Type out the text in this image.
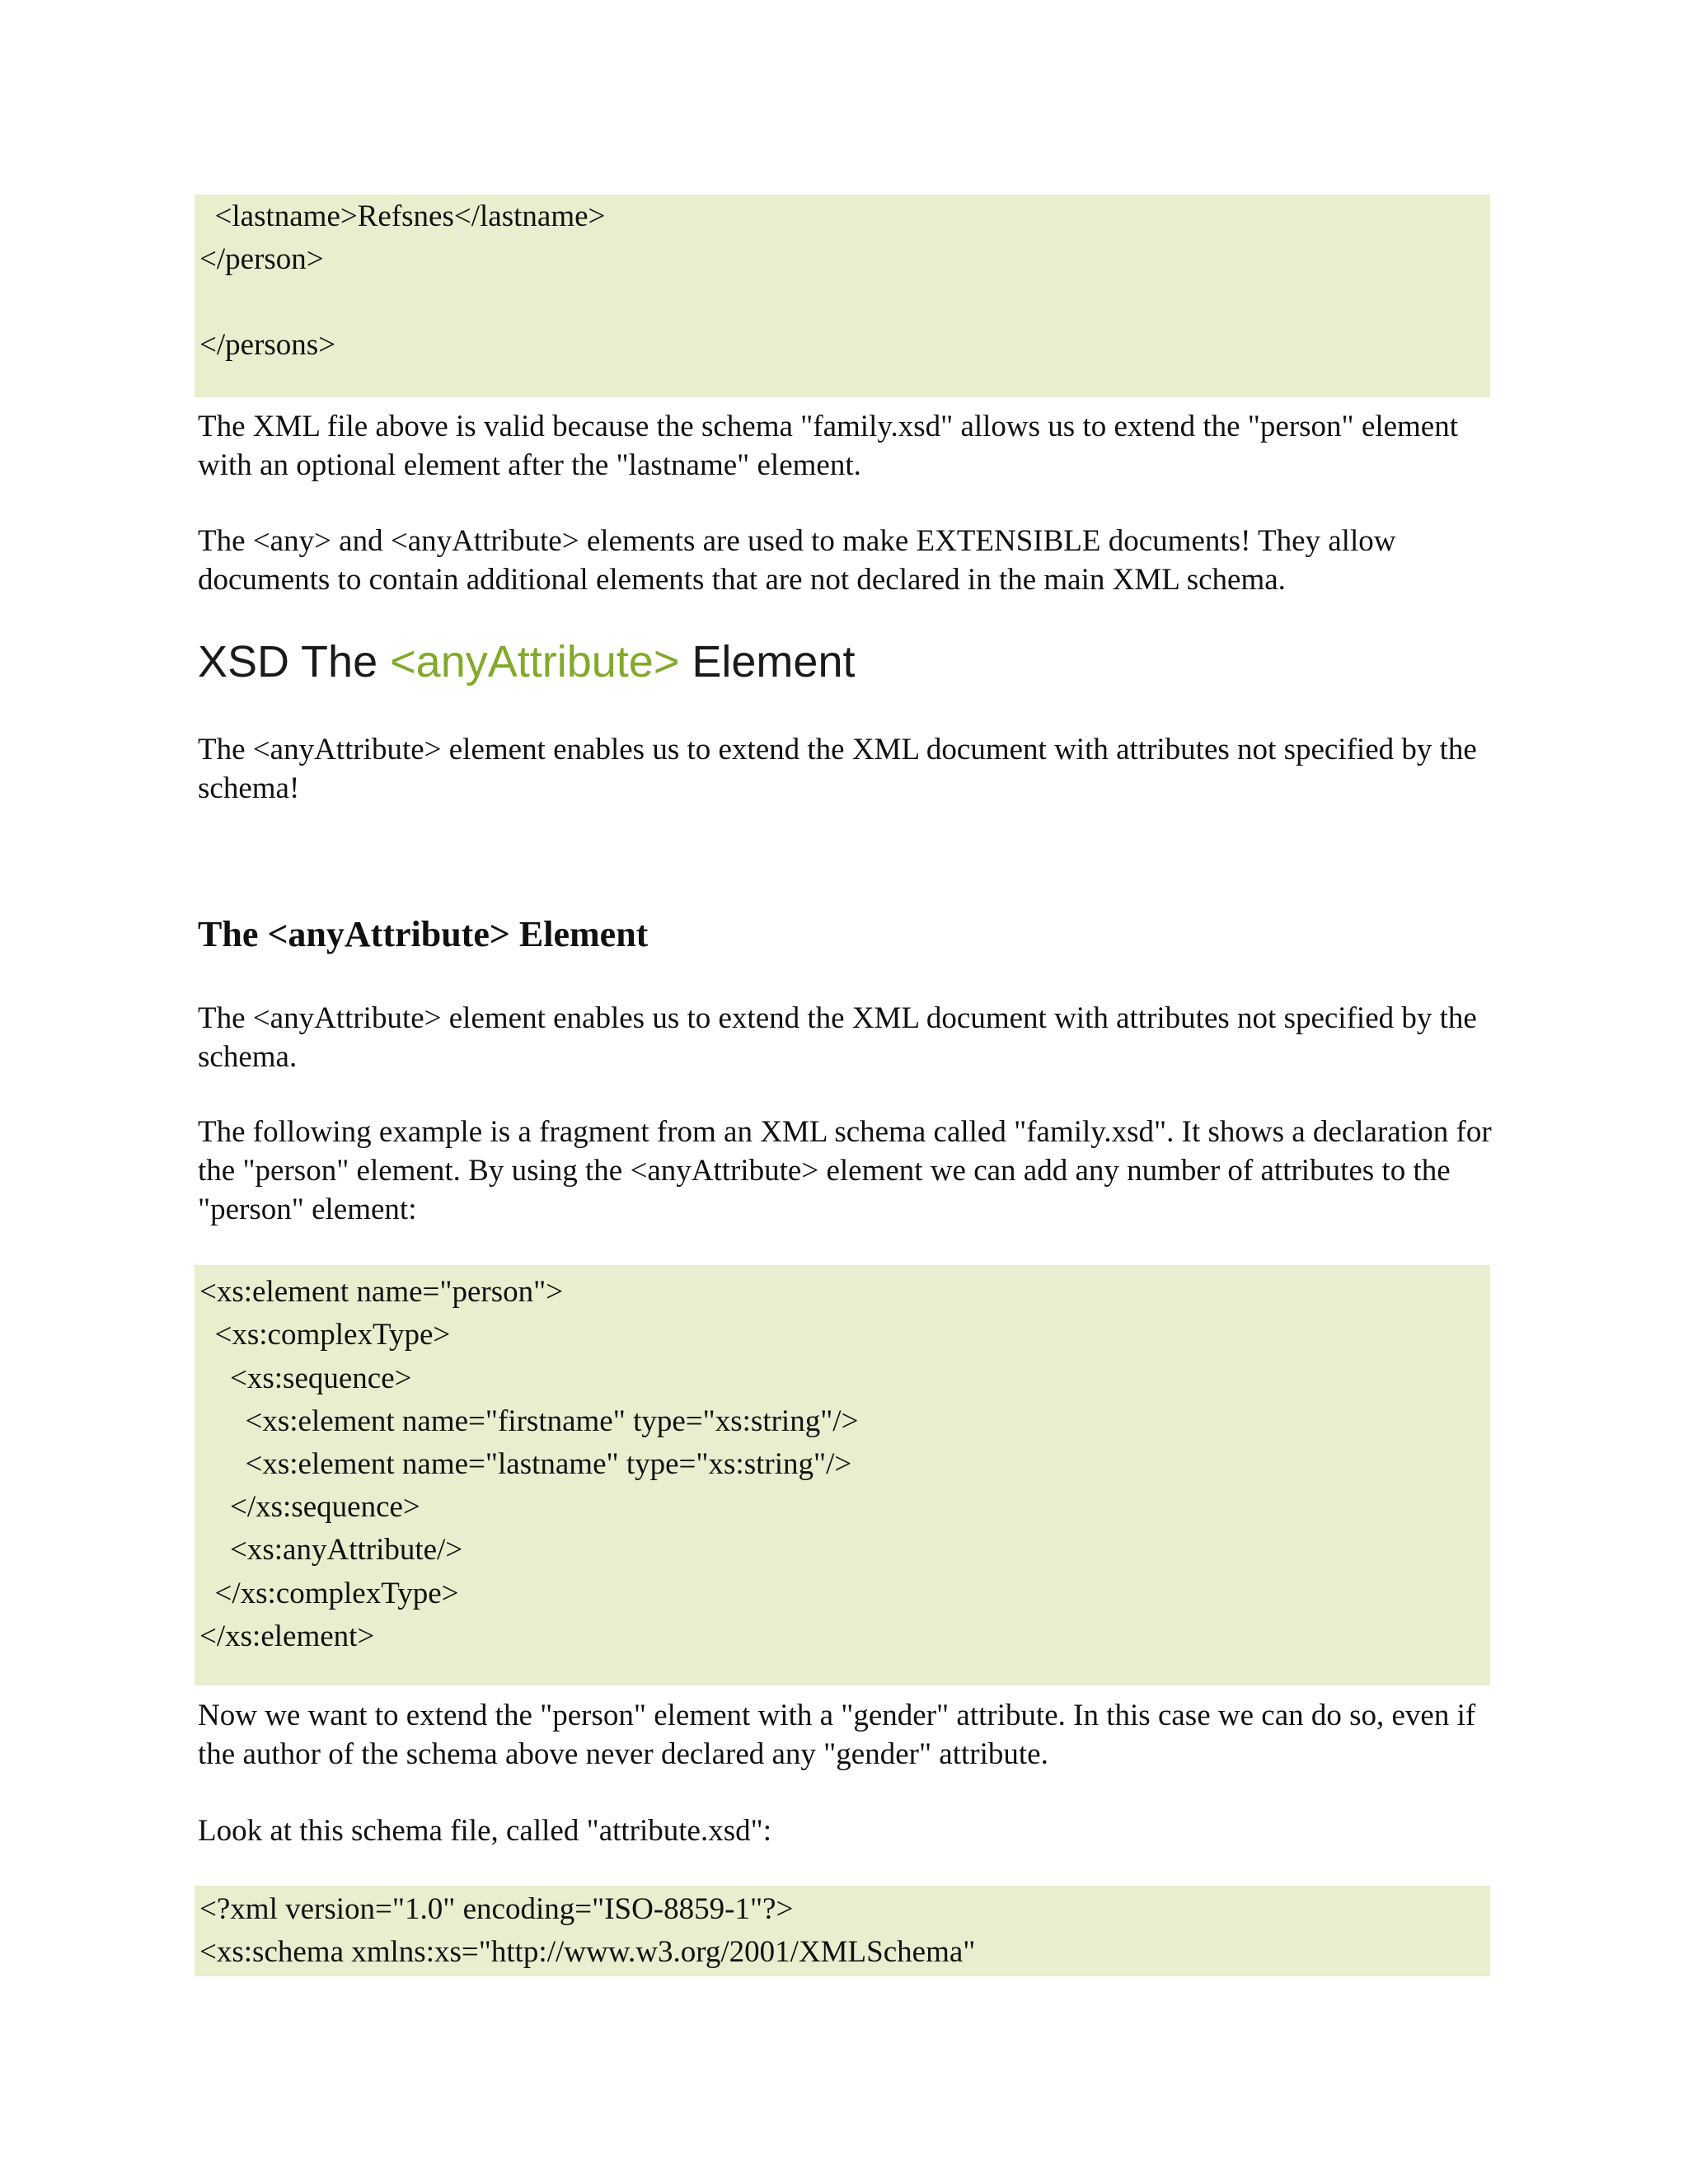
<lastname>Refsnes</lastname>
</person>
</persons>
The XML file above is valid because the schema "family.xsd" allows us to extend the "person" element with an optional element after the "lastname" element.
The <any> and <anyAttribute> elements are used to make EXTENSIBLE documents! They allow documents to contain additional elements that are not declared in the main XML schema.
XSD The <anyAttribute> Element
The <anyAttribute> element enables us to extend the XML document with attributes not specified by the schema!
The <anyAttribute> Element
The <anyAttribute> element enables us to extend the XML document with attributes not specified by the schema.
The following example is a fragment from an XML schema called "family.xsd". It shows a declaration for the "person" element. By using the <anyAttribute> element we can add any number of attributes to the "person" element:
<xs:element name="person">
<xs:complexType>
<xs:sequence>
<xs:element name="firstname" type="xs:string"/>
<xs:element name="lastname" type="xs:string"/>
</xs:sequence>
<xs:anyAttribute/>
</xs:complexType>
</xs:element>
Now we want to extend the "person" element with a "gender" attribute. In this case we can do so, even if the author of the schema above never declared any "gender" attribute.
Look at this schema file, called "attribute.xsd":
<?xml version="1.0" encoding="ISO-8859-1"?>
<xs:schema xmlns:xs="http://www.w3.org/2001/XMLSchema"
